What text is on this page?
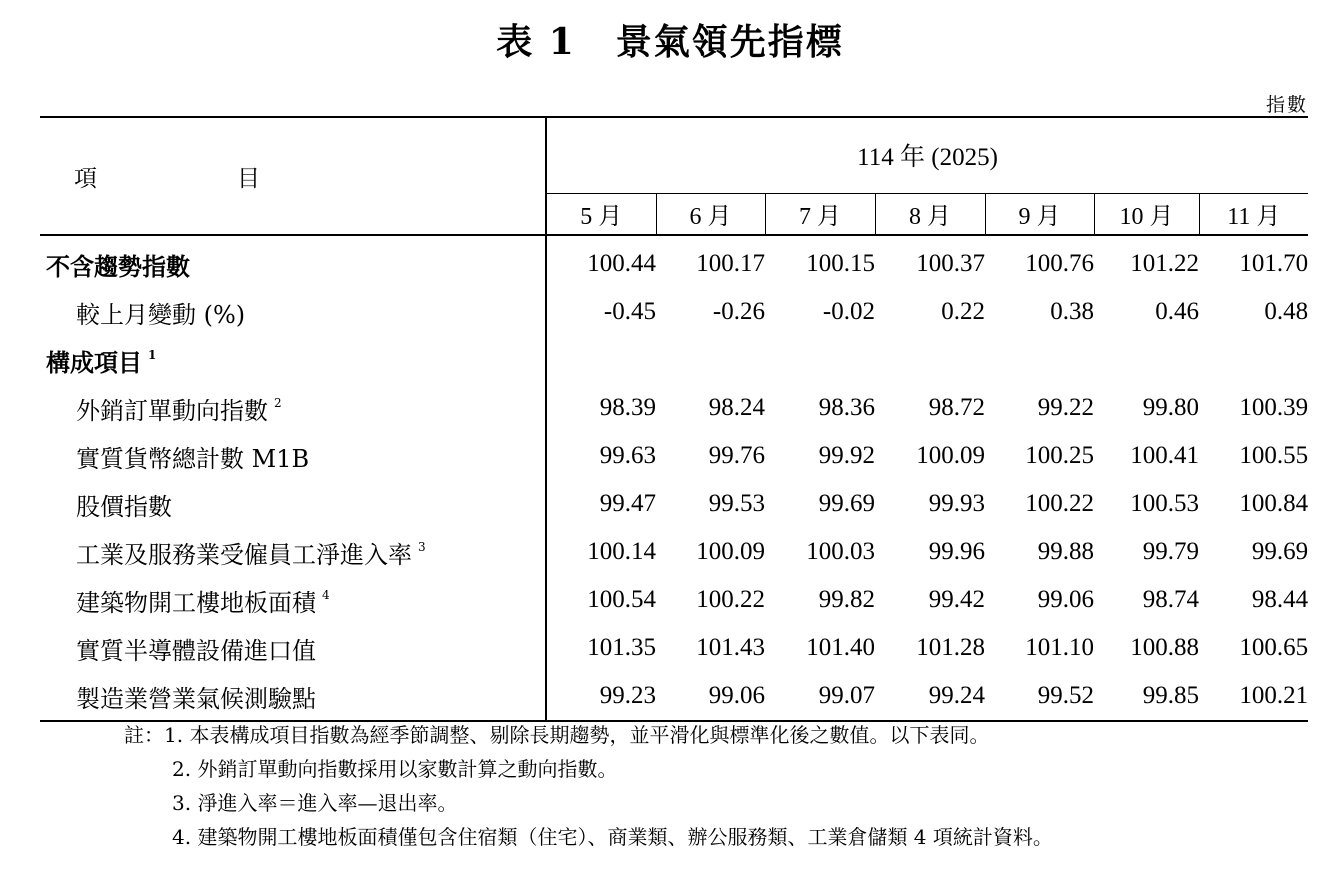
表 1 景氣領先指標
指數
項 目	114 年 (2025)						
	5 月	6 月	7 月	8 月	9 月	10 月	11 月
不含趨勢指數	100.44	100.17	100.15	100.37	100.76	101.22	101.70
較上月變動 (%)	-0.45	-0.26	-0.02	0.22	0.38	0.46	0.48
構成項目 $^1$							
外銷訂單動向指數 $^2$	98.39	98.24	98.36	98.72	99.22	99.80	100.39
實質貨幣總計數 M1B	99.63	99.76	99.92	100.09	100.25	100.41	100.55
股價指數	99.47	99.53	99.69	99.93	100.22	100.53	100.84
工業及服務業受僱員工淨進入率 $^3$	100.14	100.09	100.03	99.96	99.88	99.79	99.69
建築物開工樓地板面積 $^4$	100.54	100.22	99.82	99.42	99.06	98.74	98.44
實質半導體設備進口值	101.35	101.43	101.40	101.28	101.10	100.88	100.65
製造業營業氣候測驗點	99.23	99.06	99.07	99.24	99.52	99.85	100.21
註：1. 本表構成項目指數為經季節調整、剔除長期趨勢，並平滑化與標準化後之數值。以下表同。
2. 外銷訂單動向指數採用以家數計算之動向指數。
3. 淨進入率＝進入率—退出率。
4. 建築物開工樓地板面積僅包含住宿類（住宅）、商業類、辦公服務類、工業倉儲類 4 項統計資料。
